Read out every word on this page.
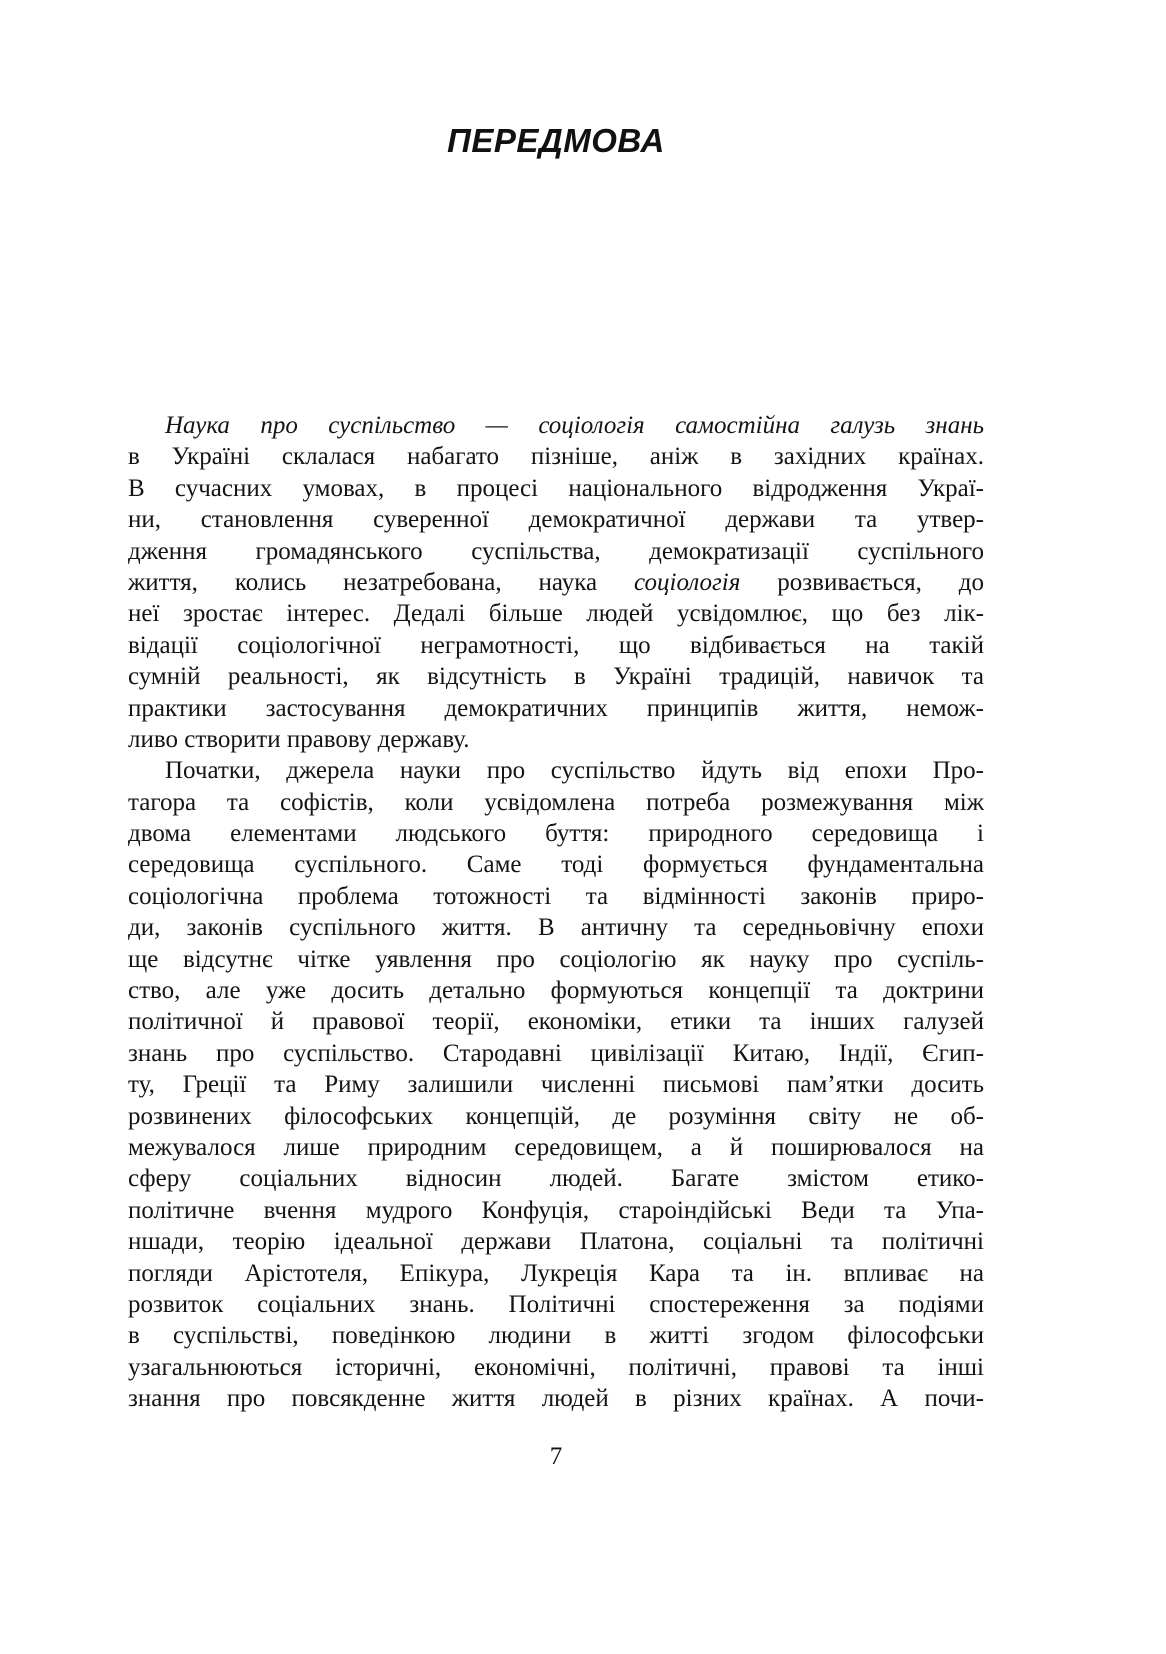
ПЕРЕДМОВА
Наука про суспільство — соціологія самостійна галузь знань
в Україні склалася набагато пізніше, аніж в західних країнах.
В сучасних умовах, в процесі національного відродження Украї-
ни, становлення суверенної демократичної держави та утвер-
дження громадянського суспільства, демократизації суспільного
життя, колись незатребована, наука соціологія розвивається, до
неї зростає інтерес. Дедалі більше людей усвідомлює, що без лік-
відації соціологічної неграмотності, що відбивається на такій
сумній реальності, як відсутність в Україні традицій, навичок та
практики застосування демократичних принципів життя, немож-
ливо створити правову державу.
Початки, джерела науки про суспільство йдуть від епохи Про-
тагора та софістів, коли усвідомлена потреба розмежування між
двома елементами людського буття: природного середовища і
середовища суспільного. Саме тоді формується фундаментальна
соціологічна проблема тотожності та відмінності законів приро-
ди, законів суспільного життя. В античну та середньовічну епохи
ще відсутнє чітке уявлення про соціологію як науку про суспіль-
ство, але уже досить детально формуються концепції та доктрини
політичної й правової теорії, економіки, етики та інших галузей
знань про суспільство. Стародавні цивілізації Китаю, Індії, Єгип-
ту, Греції та Риму залишили численні письмові пам’ятки досить
розвинених філософських концепцій, де розуміння світу не об-
межувалося лише природним середовищем, а й поширювалося на
сферу соціальних відносин людей. Багате змістом етико-
політичне вчення мудрого Конфуція, староіндійські Веди та Упа-
ншади, теорію ідеальної держави Платона, соціальні та політичні
погляди Арістотеля, Епікура, Лукреція Кара та ін. впливає на
розвиток соціальних знань. Політичні спостереження за подіями
в суспільстві, поведінкою людини в житті згодом філософськи
узагальнюються історичні, економічні, політичні, правові та інші
знання про повсякденне життя людей в різних країнах. А почи-
7
